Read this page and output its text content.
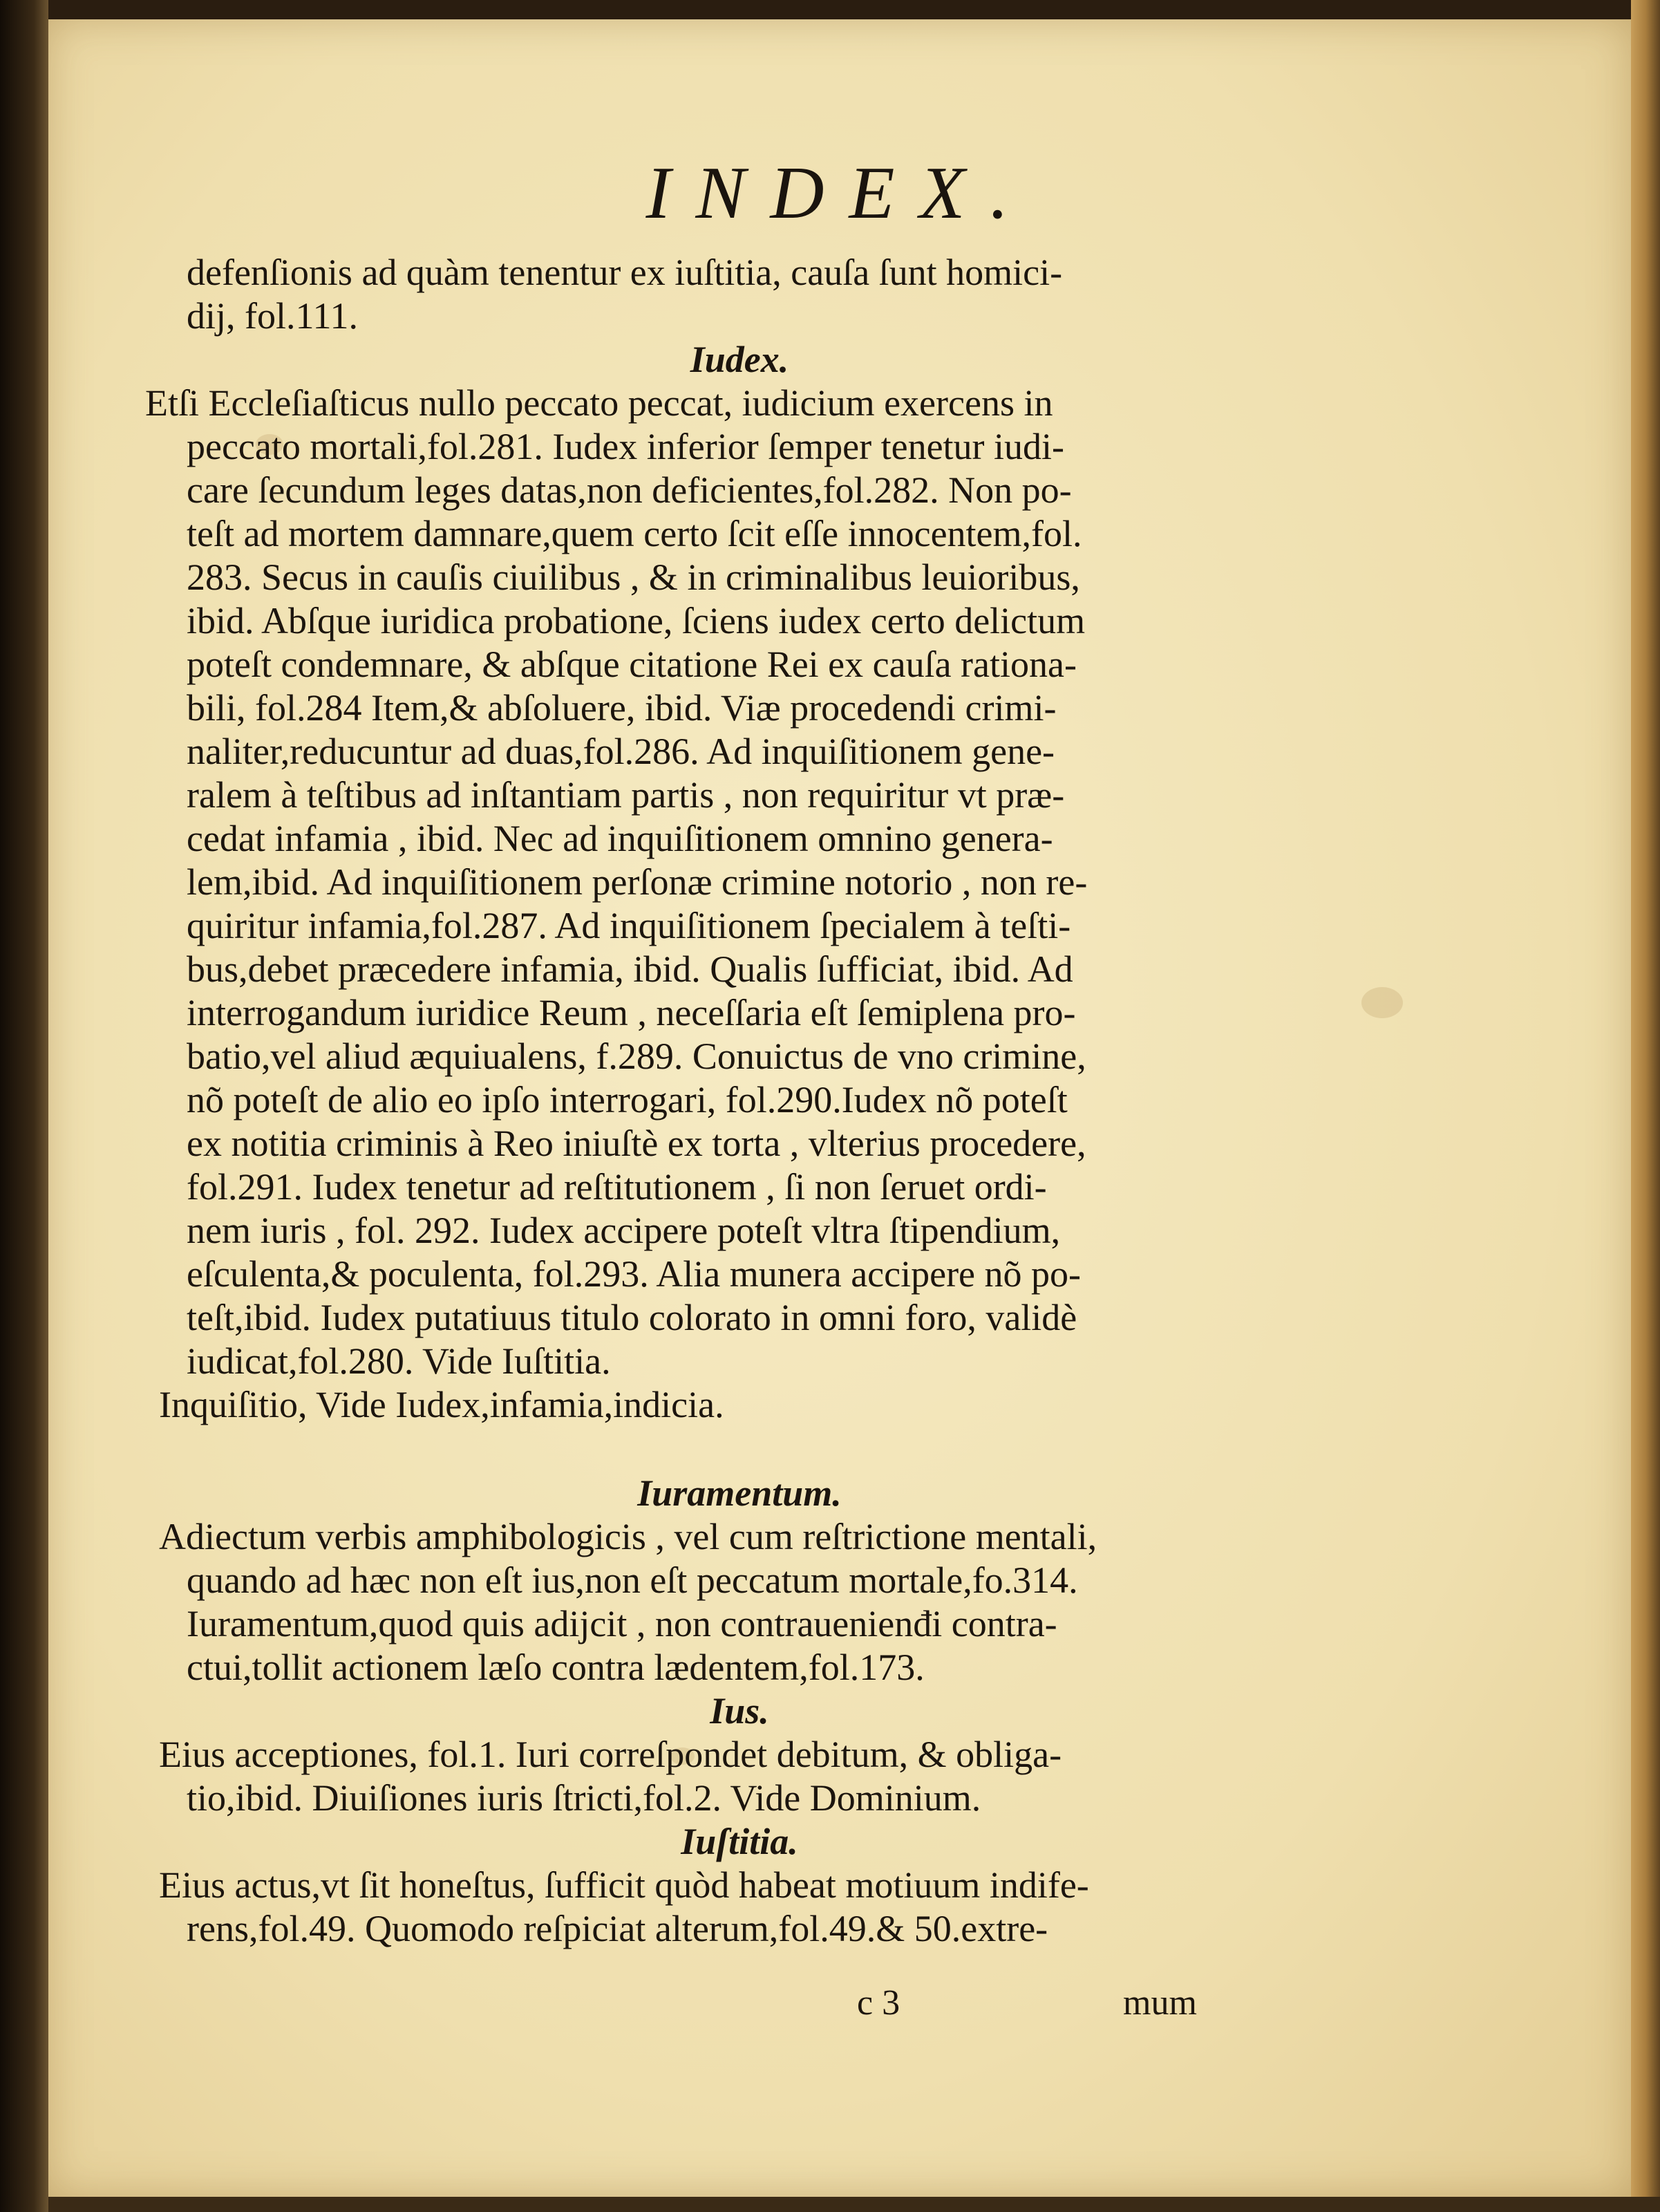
INDEX.
defenſionis ad quàm tenentur ex iuſtitia, cauſa ſunt homici-
dij, fol.111.
Iudex.
Etſi Eccleſiaſticus nullo peccato peccat, iudicium exercens in
peccato mortali,fol.281. Iudex inferior ſemper tenetur iudi-
care ſecundum leges datas,non deficientes,fol.282. Non po-
teſt ad mortem damnare,quem certo ſcit eſſe innocentem,fol.
283. Secus in cauſis ciuilibus , & in criminalibus leuioribus,
ibid. Abſque iuridica probatione, ſciens iudex certo delictum
poteſt condemnare, & abſque citatione Rei ex cauſa rationa-
bili, fol.284 Item,& abſoluere, ibid. Viæ procedendi crimi-
naliter,reducuntur ad duas,fol.286. Ad inquiſitionem gene-
ralem à teſtibus ad inſtantiam partis , non requiritur vt præ-
cedat infamia , ibid. Nec ad inquiſitionem omnino genera-
lem,ibid. Ad inquiſitionem perſonæ crimine notorio , non re-
quiritur infamia,fol.287. Ad inquiſitionem ſpecialem à teſti-
bus,debet præcedere infamia, ibid. Qualis ſufficiat, ibid. Ad
interrogandum iuridice Reum , neceſſaria eſt ſemiplena pro-
batio,vel aliud æquiualens, f.289. Conuictus de vno crimine,
nõ poteſt de alio eo ipſo interrogari, fol.290.Iudex nõ poteſt
ex notitia criminis à Reo iniuſtè ex torta , vlterius procedere,
fol.291. Iudex tenetur ad reſtitutionem , ſi non ſeruet ordi-
nem iuris , fol. 292. Iudex accipere poteſt vltra ſtipendium,
eſculenta,& poculenta, fol.293. Alia munera accipere nõ po-
teſt,ibid. Iudex putatiuus titulo colorato in omni foro, validè
iudicat,fol.280. Vide Iuſtitia.
Inquiſitio, Vide Iudex,infamia,indicia.
Iuramentum.
Adiectum verbis amphibologicis , vel cum reſtrictione mentali,
quando ad hæc non eſt ius,non eſt peccatum mortale,fo.314.
Iuramentum,quod quis adijcit , non contrauenienđi contra-
ctui,tollit actionem læſo contra lædentem,fol.173.
Ius.
Eius acceptiones, fol.1. Iuri correſpondet debitum, & obliga-
tio,ibid. Diuiſiones iuris ſtricti,fol.2. Vide Dominium.
Iuſtitia.
Eius actus,vt ſit honeſtus, ſufficit quòd habeat motiuum indife-
rens,fol.49. Quomodo reſpiciat alterum,fol.49.& 50.extre-
c 3	mum
